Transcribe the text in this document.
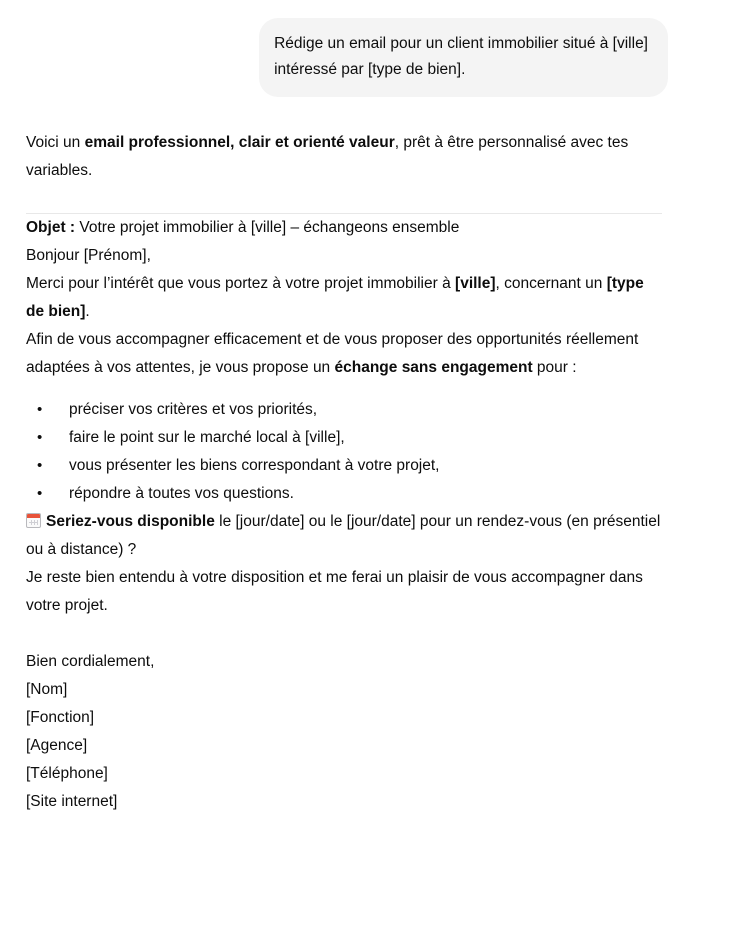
Rédige un email pour un client immobilier situé à [ville]
intéressé par [type de bien].

Voici un email professionnel, clair et orienté valeur, prêt à être personnalisé avec tes variables.

Objet : Votre projet immobilier à [ville] – échangeons ensemble

Bonjour [Prénom],

Merci pour l’intérêt que vous portez à votre projet immobilier à [ville], concernant un [type de bien].

Afin de vous accompagner efficacement et de vous proposer des opportunités réellement adaptées à vos attentes, je vous propose un échange sans engagement pour :

• préciser vos critères et vos priorités,
• faire le point sur le marché local à [ville],
• vous présenter les biens correspondant à votre projet,
• répondre à toutes vos questions.

Seriez-vous disponible le [jour/date] ou le [jour/date] pour un rendez-vous (en présentiel ou à distance) ?

Je reste bien entendu à votre disposition et me ferai un plaisir de vous accompagner dans votre projet.

Bien cordialement,
[Nom]
[Fonction]
[Agence]
[Téléphone]
[Site internet]
